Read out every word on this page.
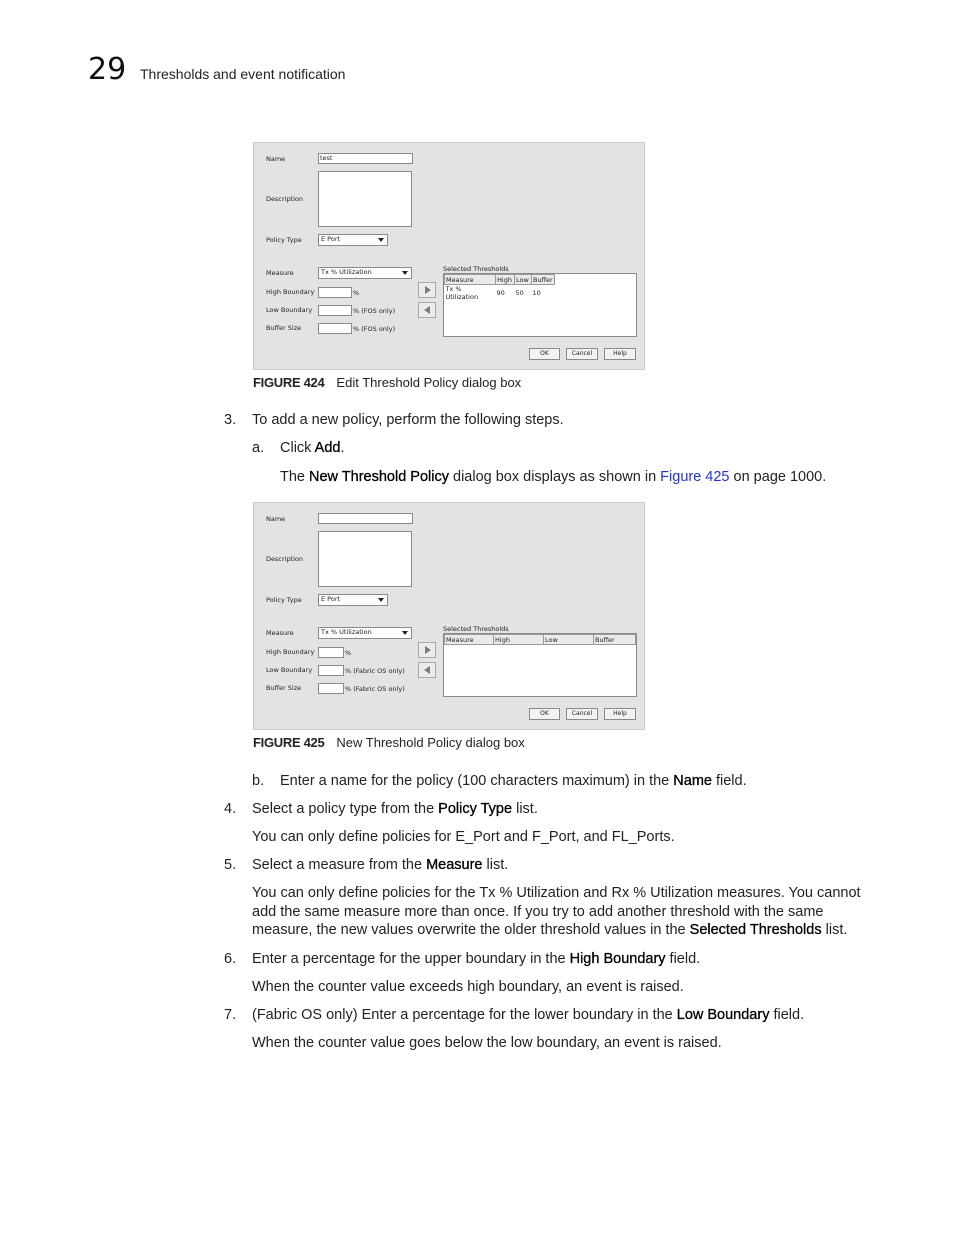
29 Thresholds and event notification
Name	test
Description
Policy Type	E Port
Measure	Tx % Utilization
High Boundary	%
Low Boundary	% (FOS only)
Buffer Size	% (FOS only)
Selected Thresholds
Measure	High	Low	Buffer
Tx % Utilization	90	50	10
OK	Cancel	Help
FIGURE 424 Edit Threshold Policy dialog box
3. To add a new policy, perform the following steps.
a. Click Add.
The New Threshold Policy dialog box displays as shown in Figure 425 on page 1000.
Name
Description
Policy Type	E Port
Measure	Tx % Utilization
High Boundary	%
Low Boundary	% (Fabric OS only)
Buffer Size	% (Fabric OS only)
Selected Thresholds
Measure	High	Low	Buffer
OK	Cancel	Help
FIGURE 425 New Threshold Policy dialog box
b. Enter a name for the policy (100 characters maximum) in the Name field.
4. Select a policy type from the Policy Type list.
You can only define policies for E_Port and F_Port, and FL_Ports.
5. Select a measure from the Measure list.
You can only define policies for the Tx % Utilization and Rx % Utilization measures. You cannot
add the same measure more than once. If you try to add another threshold with the same
measure, the new values overwrite the older threshold values in the Selected Thresholds list.
6. Enter a percentage for the upper boundary in the High Boundary field.
When the counter value exceeds high boundary, an event is raised.
7. (Fabric OS only) Enter a percentage for the lower boundary in the Low Boundary field.
When the counter value goes below the low boundary, an event is raised.
